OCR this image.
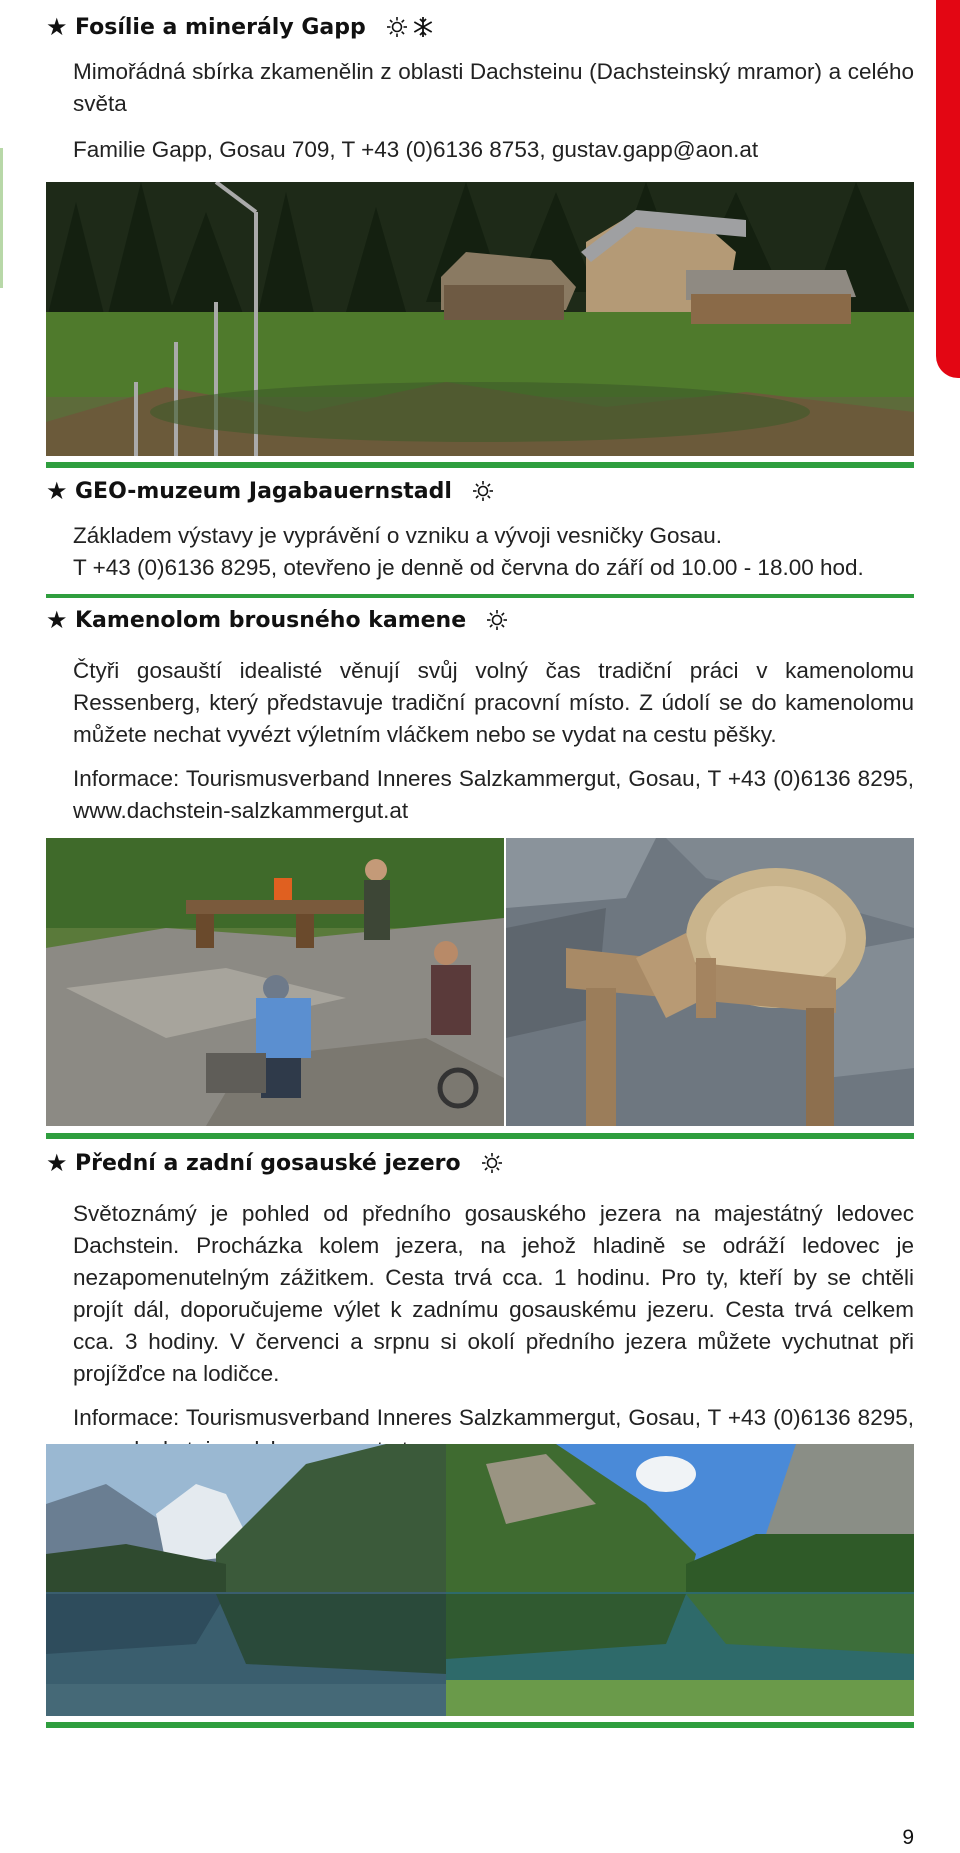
★ Fosílie a minerály Gapp

Mimořádná sbírka zkamenělin z oblasti Dachsteinu (Dachsteinský mramor) a celého světa

Familie Gapp, Gosau 709, T +43 (0)6136 8753, gustav.gapp@aon.at

★ GEO-muzeum Jagabauernstadl

Základem výstavy je vyprávění o vzniku a vývoji vesničky Gosau.

T +43 (0)6136 8295, otevřeno je denně od června do září od 10.00 - 18.00 hod.

★ Kamenolom brousného kamene

Čtyři gosauští idealisté věnují svůj volný čas tradiční práci v kamenolomu Ressenberg, který představuje tradiční pracovní místo. Z údolí se do kamenolomu můžete nechat vyvézt výletním vláčkem nebo se vydat na cestu pěšky.

Informace: Tourismusverband Inneres Salzkammergut, Gosau, T +43 (0)6136 8295, www.dachstein-salzkammergut.at

★ Přední a zadní gosauské jezero

Světoznámý je pohled od předního gosauského jezera na majestátný ledovec Dachstein. Procházka kolem jezera, na jehož hladině se odráží ledovec je nezapomenutelným zážitkem. Cesta trvá cca. 1 hodinu. Pro ty, kteří by se chtěli projít dál, doporučujeme výlet k zadnímu gosauskému jezeru. Cesta trvá celkem cca. 3 hodiny. V červenci a srpnu si okolí předního jezera můžete vychutnat při projížďce na lodičce.

Informace: Tourismusverband Inneres Salzkammergut, Gosau, T +43 (0)6136 8295,

9
